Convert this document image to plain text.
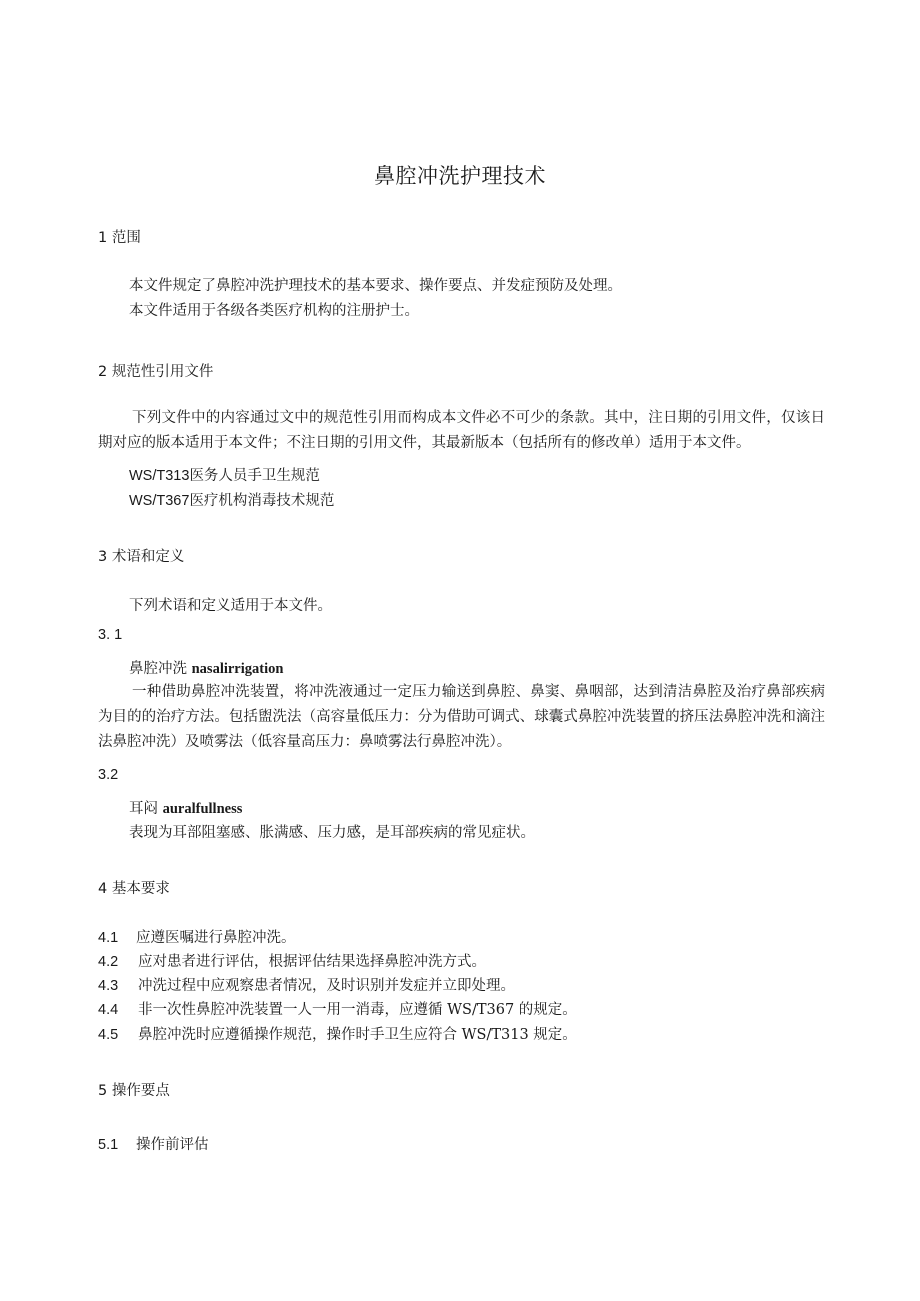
鼻腔冲洗护理技术
1 范围
本文件规定了鼻腔冲洗护理技术的基本要求、操作要点、并发症预防及处理。
本文件适用于各级各类医疗机构的注册护士。
2 规范性引用文件
下列文件中的内容通过文中的规范性引用而构成本文件必不可少的条款。其中，注日期的引用文件，仅该日期对应的版本适用于本文件；不注日期的引用文件，其最新版本（包括所有的修改单）适用于本文件。
WS/T313医务人员手卫生规范
WS/T367医疗机构消毒技术规范
3 术语和定义
下列术语和定义适用于本文件。
3. 1
鼻腔冲洗 nasalirrigation
一种借助鼻腔冲洗装置，将冲洗液通过一定压力输送到鼻腔、鼻窦、鼻咽部，达到清洁鼻腔及治疗鼻部疾病为目的的治疗方法。包括盥洗法（高容量低压力：分为借助可调式、球囊式鼻腔冲洗装置的挤压法鼻腔冲洗和滴注法鼻腔冲洗）及喷雾法（低容量高压力：鼻喷雾法行鼻腔冲洗）。
3.2
耳闷 auralfullness
表现为耳部阻塞感、胀满感、压力感，是耳部疾病的常见症状。
4 基本要求
4.1 应遵医嘱进行鼻腔冲洗。
4.2 应对患者进行评估，根据评估结果选择鼻腔冲洗方式。
4.3 冲洗过程中应观察患者情况，及时识别并发症并立即处理。
4.4 非一次性鼻腔冲洗装置一人一用一消毒，应遵循 WS/T367 的规定。
4.5 鼻腔冲洗时应遵循操作规范，操作时手卫生应符合 WS/T313 规定。
5 操作要点
5.1 操作前评估
